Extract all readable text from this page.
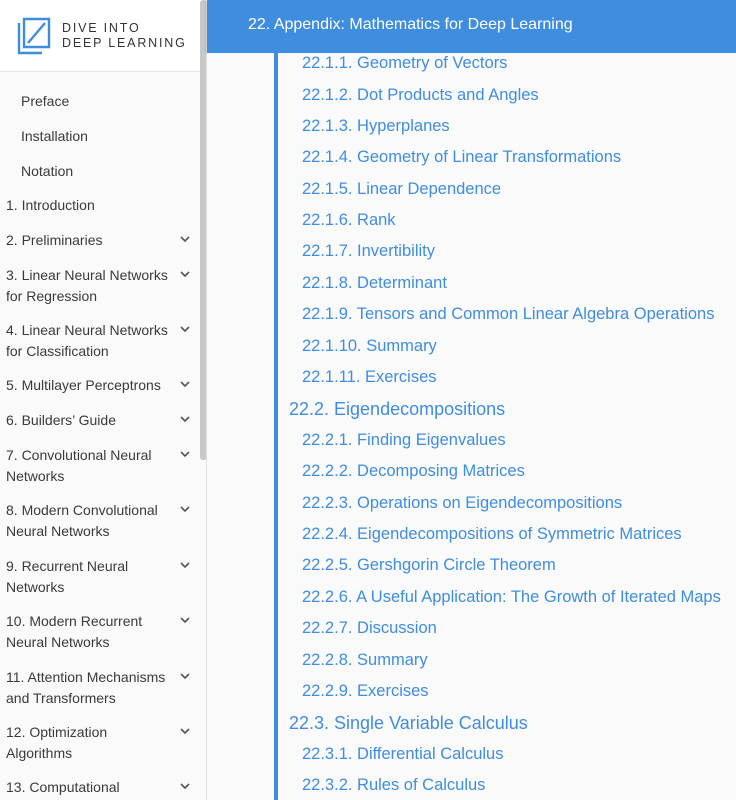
DIVE INTO
DEEP LEARNING
Preface
Installation
Notation
1. Introduction
2. Preliminaries
3. Linear Neural Networks
for Regression
4. Linear Neural Networks
for Classification
5. Multilayer Perceptrons
6. Builders’ Guide
7. Convolutional Neural
Networks
8. Modern Convolutional
Neural Networks
9. Recurrent Neural
Networks
10. Modern Recurrent
Neural Networks
11. Attention Mechanisms
and Transformers
12. Optimization
Algorithms
13. Computational
22. Appendix: Mathematics for Deep Learning
22.1.1. Geometry of Vectors
22.1.2. Dot Products and Angles
22.1.3. Hyperplanes
22.1.4. Geometry of Linear Transformations
22.1.5. Linear Dependence
22.1.6. Rank
22.1.7. Invertibility
22.1.8. Determinant
22.1.9. Tensors and Common Linear Algebra Operations
22.1.10. Summary
22.1.11. Exercises
22.2. Eigendecompositions
22.2.1. Finding Eigenvalues
22.2.2. Decomposing Matrices
22.2.3. Operations on Eigendecompositions
22.2.4. Eigendecompositions of Symmetric Matrices
22.2.5. Gershgorin Circle Theorem
22.2.6. A Useful Application: The Growth of Iterated Maps
22.2.7. Discussion
22.2.8. Summary
22.2.9. Exercises
22.3. Single Variable Calculus
22.3.1. Differential Calculus
22.3.2. Rules of Calculus
